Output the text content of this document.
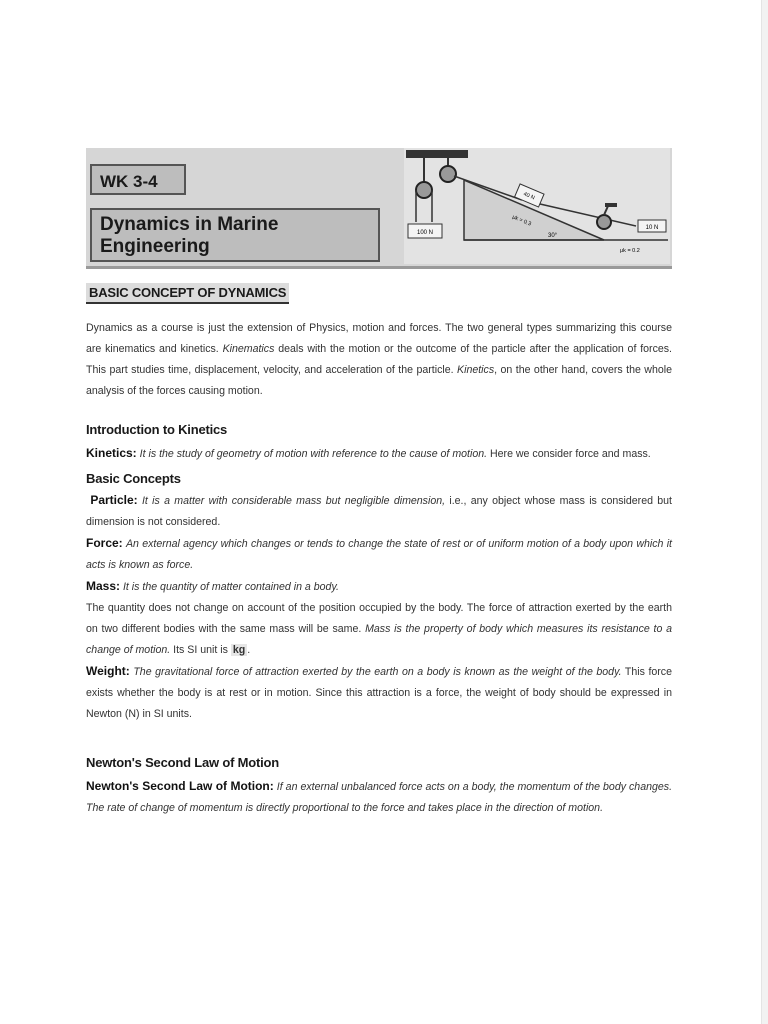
WK 3-4
Dynamics in Marine
Engineering
100 N
40 N
μk = 0.3
30°
10 N
μk = 0.2
BASIC CONCEPT OF DYNAMICS

Dynamics as a course is just the extension of Physics, motion and forces. The two general types summarizing this course are kinematics and kinetics. Kinematics deals with the motion or the outcome of the particle after the application of forces. This part studies time, displacement, velocity, and acceleration of the particle. Kinetics, on the other hand, covers the whole analysis of the forces causing motion.

Introduction to Kinetics

Kinetics: It is the study of geometry of motion with reference to the cause of motion. Here we consider force and mass.

Basic Concepts

Particle: It is a matter with considerable mass but negligible dimension, i.e., any object whose mass is considered but dimension is not considered.

Force: An external agency which changes or tends to change the state of rest or of uniform motion of a body upon which it acts is known as force.

Mass: It is the quantity of matter contained in a body.

The quantity does not change on account of the position occupied by the body. The force of attraction exerted by the earth on two different bodies with the same mass will be same. Mass is the property of body which measures its resistance to a change of motion. Its SI unit is kg .

Weight: The gravitational force of attraction exerted by the earth on a body is known as the weight of the body. This force exists whether the body is at rest or in motion. Since this attraction is a force, the weight of body should be expressed in Newton (N) in SI units.

Newton's Second Law of Motion

Newton's Second Law of Motion: If an external unbalanced force acts on a body, the momentum of the body changes. The rate of change of momentum is directly proportional to the force and takes place in the direction of motion.
